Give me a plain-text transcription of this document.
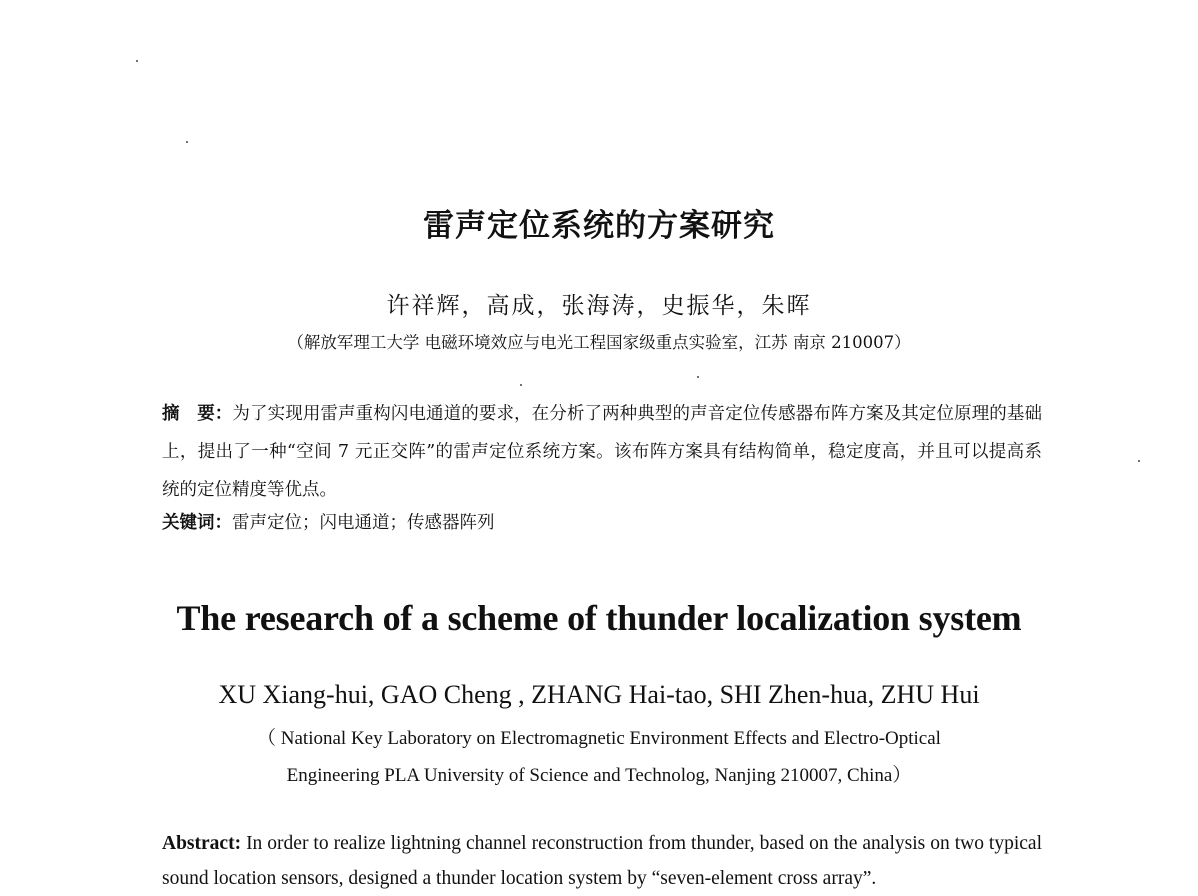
雷声定位系统的方案研究
许祥辉，高成，张海涛，史振华，朱晖
（解放军理工大学 电磁环境效应与电光工程国家级重点实验室，江苏 南京 210007）
摘　要：为了实现用雷声重构闪电通道的要求，在分析了两种典型的声音定位传感器布阵方案及其定位原理的基础上，提出了一种“空间 7 元正交阵”的雷声定位系统方案。该布阵方案具有结构简单，稳定度高，并且可以提高系统的定位精度等优点。
关键词：雷声定位；闪电通道；传感器阵列
The research of a scheme of thunder localization system
XU Xiang-hui, GAO Cheng , ZHANG Hai-tao, SHI Zhen-hua, ZHU Hui
（ National Key Laboratory on Electromagnetic Environment Effects and Electro-Optical
Engineering PLA University of Science and Technolog, Nanjing 210007, China）
Abstract: In order to realize lightning channel reconstruction from thunder, based on the analysis on two typical sound location sensors, designed a thunder location system by “seven-element cross array”.
